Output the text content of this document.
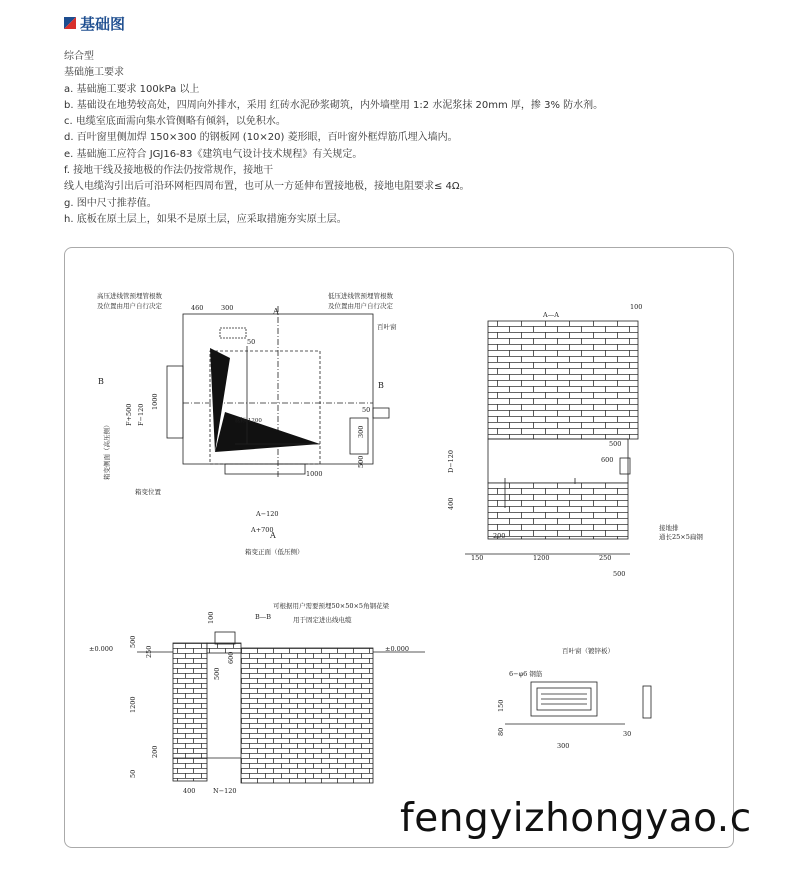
基础图
综合型
基础施工要求
a. 基础施工要求 100kPa 以上
b. 基础设在地势较高处，四周向外排水，采用 红砖水泥砂浆砌筑，内外墙壁用 1:2 水泥浆抹 20mm 厚，掺 3% 防水剂。
c. 电缆室底面需向集水管侧略有倾斜，以免积水。
d. 百叶窗里侧加焊 150×300 的钢板网 (10×20) 菱形眼，百叶窗外框焊筋爪埋入墙内。
e. 基础施工应符合 JGJ16-83《建筑电气设计技术规程》有关规定。
f. 接地干线及接地极的作法仍按常规作，接地干
线人电缆沟引出后可沿环网柜四周布置，也可从一方延伸布置接地极，接地电阻要求≤ 4Ω。
g. 图中尺寸推荐值。
h. 底板在原土层上，如果不是原土层，应采取措施夯实原土层。
高压进线管预埋管根数
及位置由用户自行决定
低压进线管预埋管根数
及位置由用户自行决定
百叶窗
底标-1200
箱变位置
箱变正面（低压侧）
460	300
50
50
1000
A−120
A+700
A
A
B	B
箱变侧面（高压侧）
F+500 F−120
1000
300
500
A—A
100
500
600
接地排
通长25×5扁钢
150	1200	250
200
500
D−120
400
B—B
可根据用户需要预埋50×50×5角钢花梁
用于固定进出线电缆
±0.000	±0.000
400	N−120
100
600
500
250
500
1200
200
50
百叶窗（镀锌板）
6−φ6 钢筋
300
30
150
80
fengyizhongyao.c
